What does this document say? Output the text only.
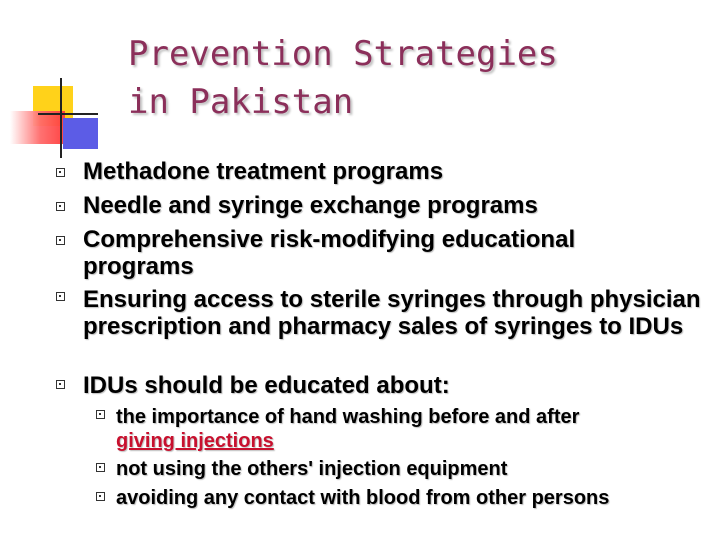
Prevention Strategies
in Pakistan
Methadone treatment programs
Needle and syringe exchange programs
Comprehensive risk-modifying educational programs
Ensuring access to sterile syringes through physician prescription and pharmacy sales of syringes to IDUs
IDUs should be educated about:
the importance of hand washing before and after
giving injections
not using the others' injection equipment
avoiding any contact with blood from other persons
